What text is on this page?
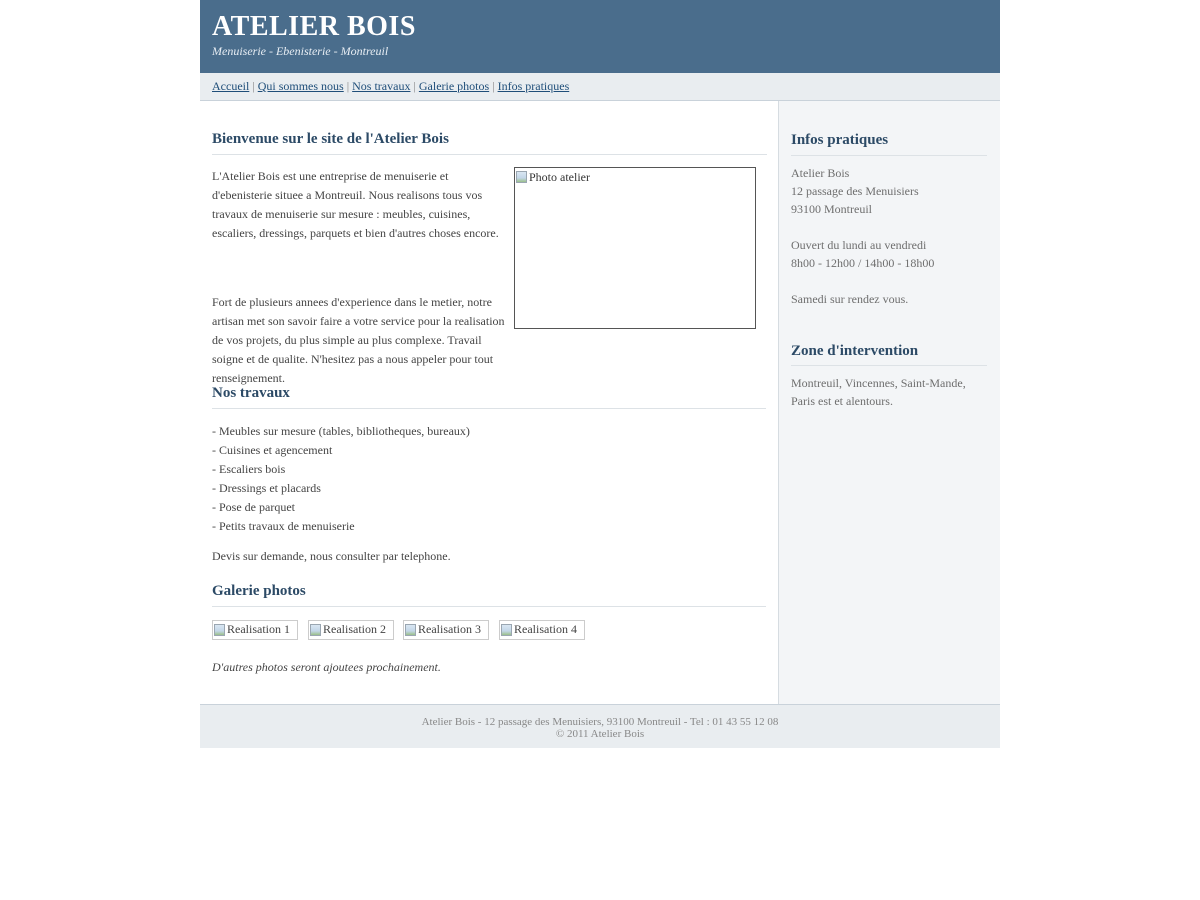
ATELIER BOIS
Menuiserie - Ebenisterie - Montreuil
Accueil | Qui sommes nous | Nos travaux | Galerie photos | Infos pratiques
Bienvenue sur le site de l'Atelier Bois
Photo atelier

L'Atelier Bois est une entreprise de menuiserie et d'ebenisterie situee a Montreuil. Nous realisons tous vos travaux de menuiserie sur mesure : meubles, cuisines, escaliers, dressings, parquets et bien d'autres choses encore.

Fort de plusieurs annees d'experience dans le metier, notre artisan met son savoir faire a votre service pour la realisation de vos projets, du plus simple au plus complexe. Travail soigne et de qualite. N'hesitez pas a nous appeler pour tout renseignement.

Nos travaux
- Meubles sur mesure (tables, bibliotheques, bureaux)
- Cuisines et agencement
- Escaliers bois
- Dressings et placards
- Pose de parquet
- Petits travaux de menuiserie

Devis sur demande, nous consulter par telephone.

Galerie photos
Realisation 1	Realisation 2	Realisation 3	Realisation 4

D'autres photos seront ajoutees prochainement.

Infos pratiques
Atelier Bois
12 passage des Menuisiers
93100 Montreuil
Ouvert du lundi au vendredi
8h00 - 12h00 / 14h00 - 18h00
Samedi sur rendez vous.
Zone d'intervention

Montreuil, Vincennes, Saint-Mande, Paris est et alentours.

Atelier Bois - 12 passage des Menuisiers, 93100 Montreuil - Tel : 01 43 55 12 08
© 2011 Atelier Bois
